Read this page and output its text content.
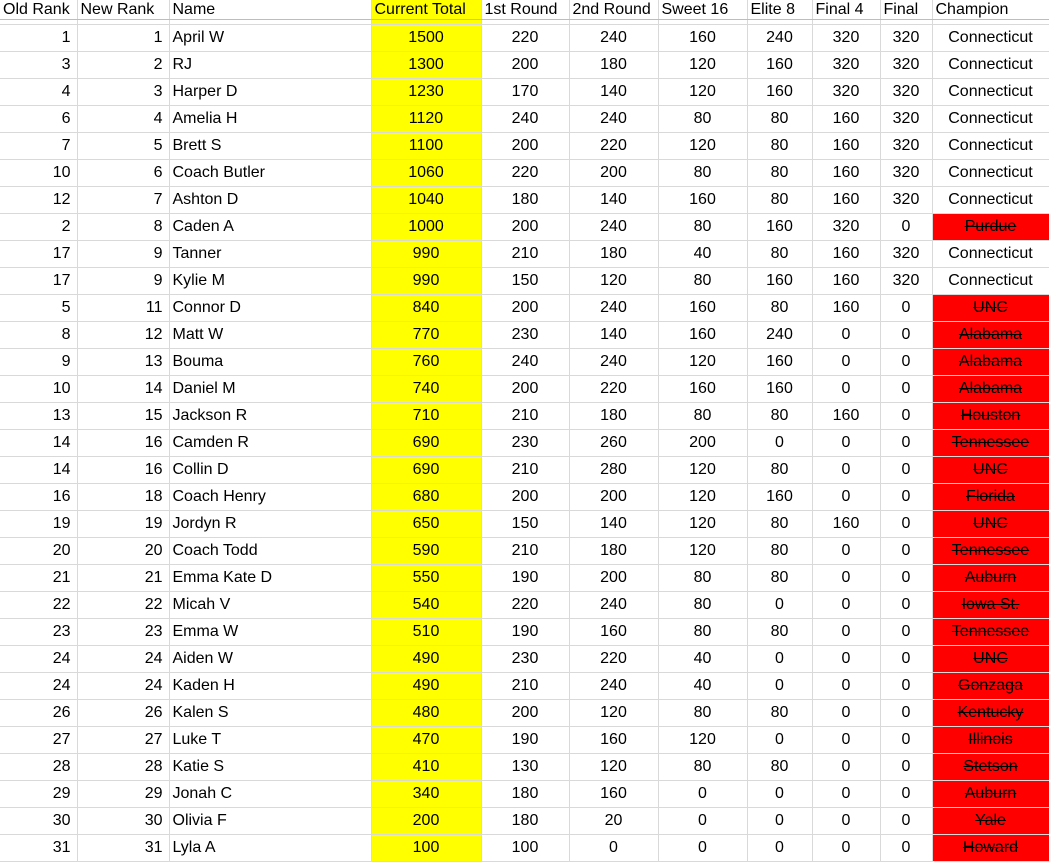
Old Rank	New Rank	Name	Current Total	1st Round	2nd Round	Sweet 16	Elite 8	Final 4	Final	Champion

1	1	April W	1500	220	240	160	240	320	320	Connecticut
3	2	RJ	1300	200	180	120	160	320	320	Connecticut
4	3	Harper D	1230	170	140	120	160	320	320	Connecticut
6	4	Amelia H	1120	240	240	80	80	160	320	Connecticut
7	5	Brett S	1100	200	220	120	80	160	320	Connecticut
10	6	Coach Butler	1060	220	200	80	80	160	320	Connecticut
12	7	Ashton D	1040	180	140	160	80	160	320	Connecticut
2	8	Caden A	1000	200	240	80	160	320	0	Purdue
17	9	Tanner	990	210	180	40	80	160	320	Connecticut
17	9	Kylie M	990	150	120	80	160	160	320	Connecticut
5	11	Connor D	840	200	240	160	80	160	0	UNC
8	12	Matt W	770	230	140	160	240	0	0	Alabama
9	13	Bouma	760	240	240	120	160	0	0	Alabama
10	14	Daniel M	740	200	220	160	160	0	0	Alabama
13	15	Jackson R	710	210	180	80	80	160	0	Houston
14	16	Camden R	690	230	260	200	0	0	0	Tennessee
14	16	Collin D	690	210	280	120	80	0	0	UNC
16	18	Coach Henry	680	200	200	120	160	0	0	Florida
19	19	Jordyn R	650	150	140	120	80	160	0	UNC
20	20	Coach Todd	590	210	180	120	80	0	0	Tennessee
21	21	Emma Kate D	550	190	200	80	80	0	0	Auburn
22	22	Micah V	540	220	240	80	0	0	0	Iowa St.
23	23	Emma W	510	190	160	80	80	0	0	Tennessee
24	24	Aiden W	490	230	220	40	0	0	0	UNC
24	24	Kaden H	490	210	240	40	0	0	0	Gonzaga
26	26	Kalen S	480	200	120	80	80	0	0	Kentucky
27	27	Luke T	470	190	160	120	0	0	0	Illinois
28	28	Katie S	410	130	120	80	80	0	0	Stetson
29	29	Jonah C	340	180	160	0	0	0	0	Auburn
30	30	Olivia F	200	180	20	0	0	0	0	Yale
31	31	Lyla A	100	100	0	0	0	0	0	Howard
